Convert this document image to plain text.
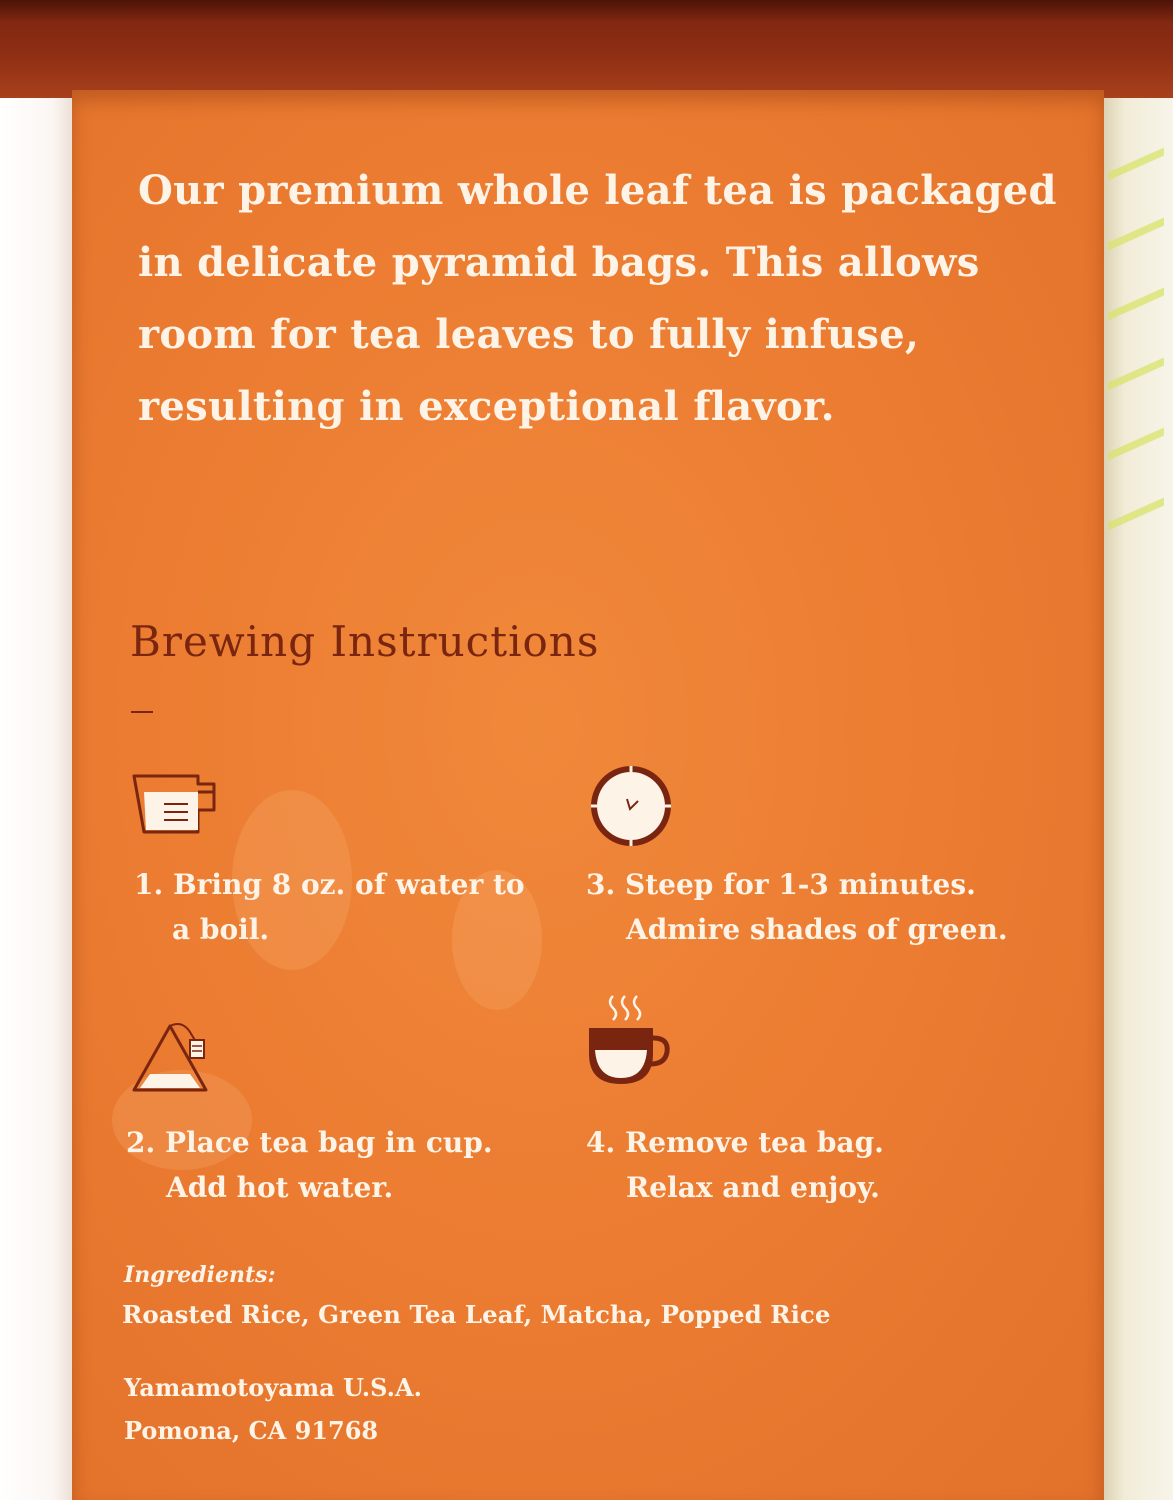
Our premium whole leaf tea is packaged in delicate pyramid bags. This allows room for tea leaves to fully infuse, resulting in exceptional flavor.

Brewing Instructions
1. Bring 8 oz. of water to
a boil.
3. Steep for 1-3 minutes.
Admire shades of green.
2. Place tea bag in cup.
Add hot water.
4. Remove tea bag.
Relax and enjoy.
Ingredients:
Roasted Rice, Green Tea Leaf, Matcha, Popped Rice
Yamamotoyama U.S.A.
Pomona, CA 91768
